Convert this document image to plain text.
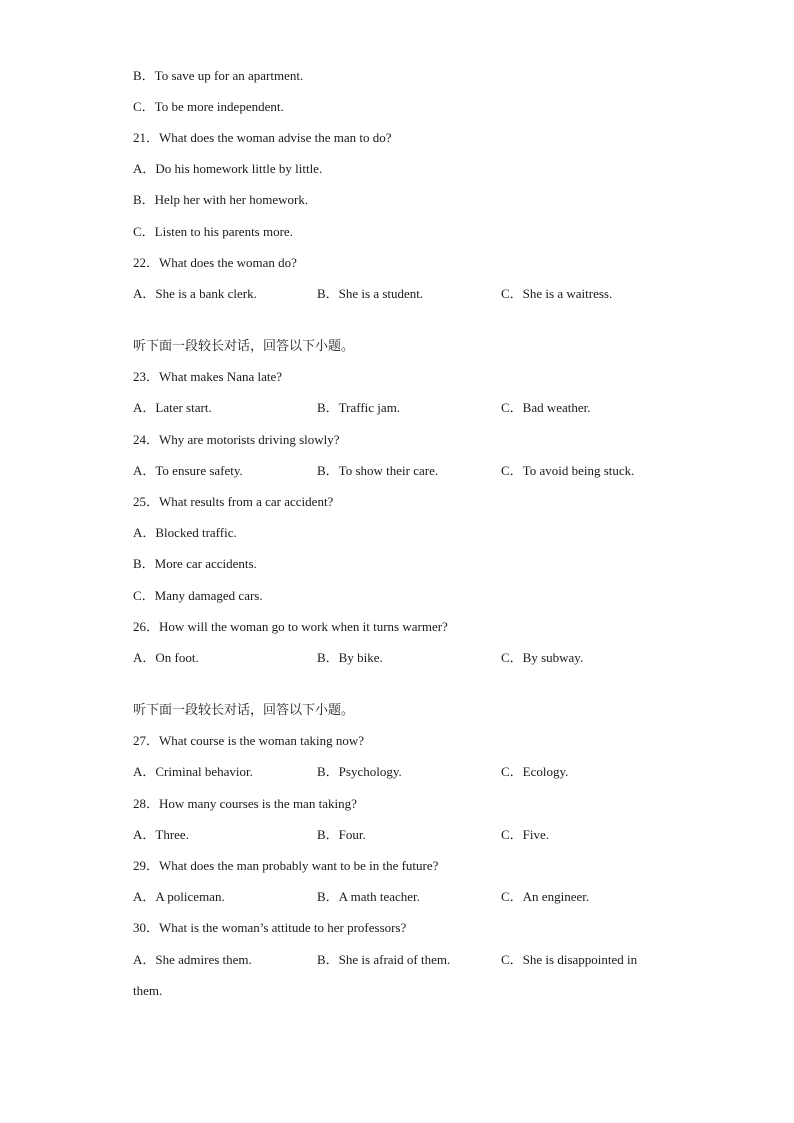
B．To save up for an apartment.
C．To be more independent.
21．What does the woman advise the man to do?
A．Do his homework little by little.
B．Help her with her homework.
C．Listen to his parents more.
22．What does the woman do?
A．She is a bank clerk.	B．She is a student.	C．She is a waitress.
听下面一段较长对话，回答以下小题。
23．What makes Nana late?
A．Later start.	B．Traffic jam.	C．Bad weather.
24．Why are motorists driving slowly?
A．To ensure safety.	B．To show their care.	C．To avoid being stuck.
25．What results from a car accident?
A．Blocked traffic.
B．More car accidents.
C．Many damaged cars.
26．How will the woman go to work when it turns warmer?
A．On foot.	B．By bike.	C．By subway.
听下面一段较长对话，回答以下小题。
27．What course is the woman taking now?
A．Criminal behavior.	B．Psychology.	C．Ecology.
28．How many courses is the man taking?
A．Three.	B．Four.	C．Five.
29．What does the man probably want to be in the future?
A．A policeman.	B．A math teacher.	C．An engineer.
30．What is the woman’s attitude to her professors?
A．She admires them.	B．She is afraid of them.	C．She is disappointed in
them.
